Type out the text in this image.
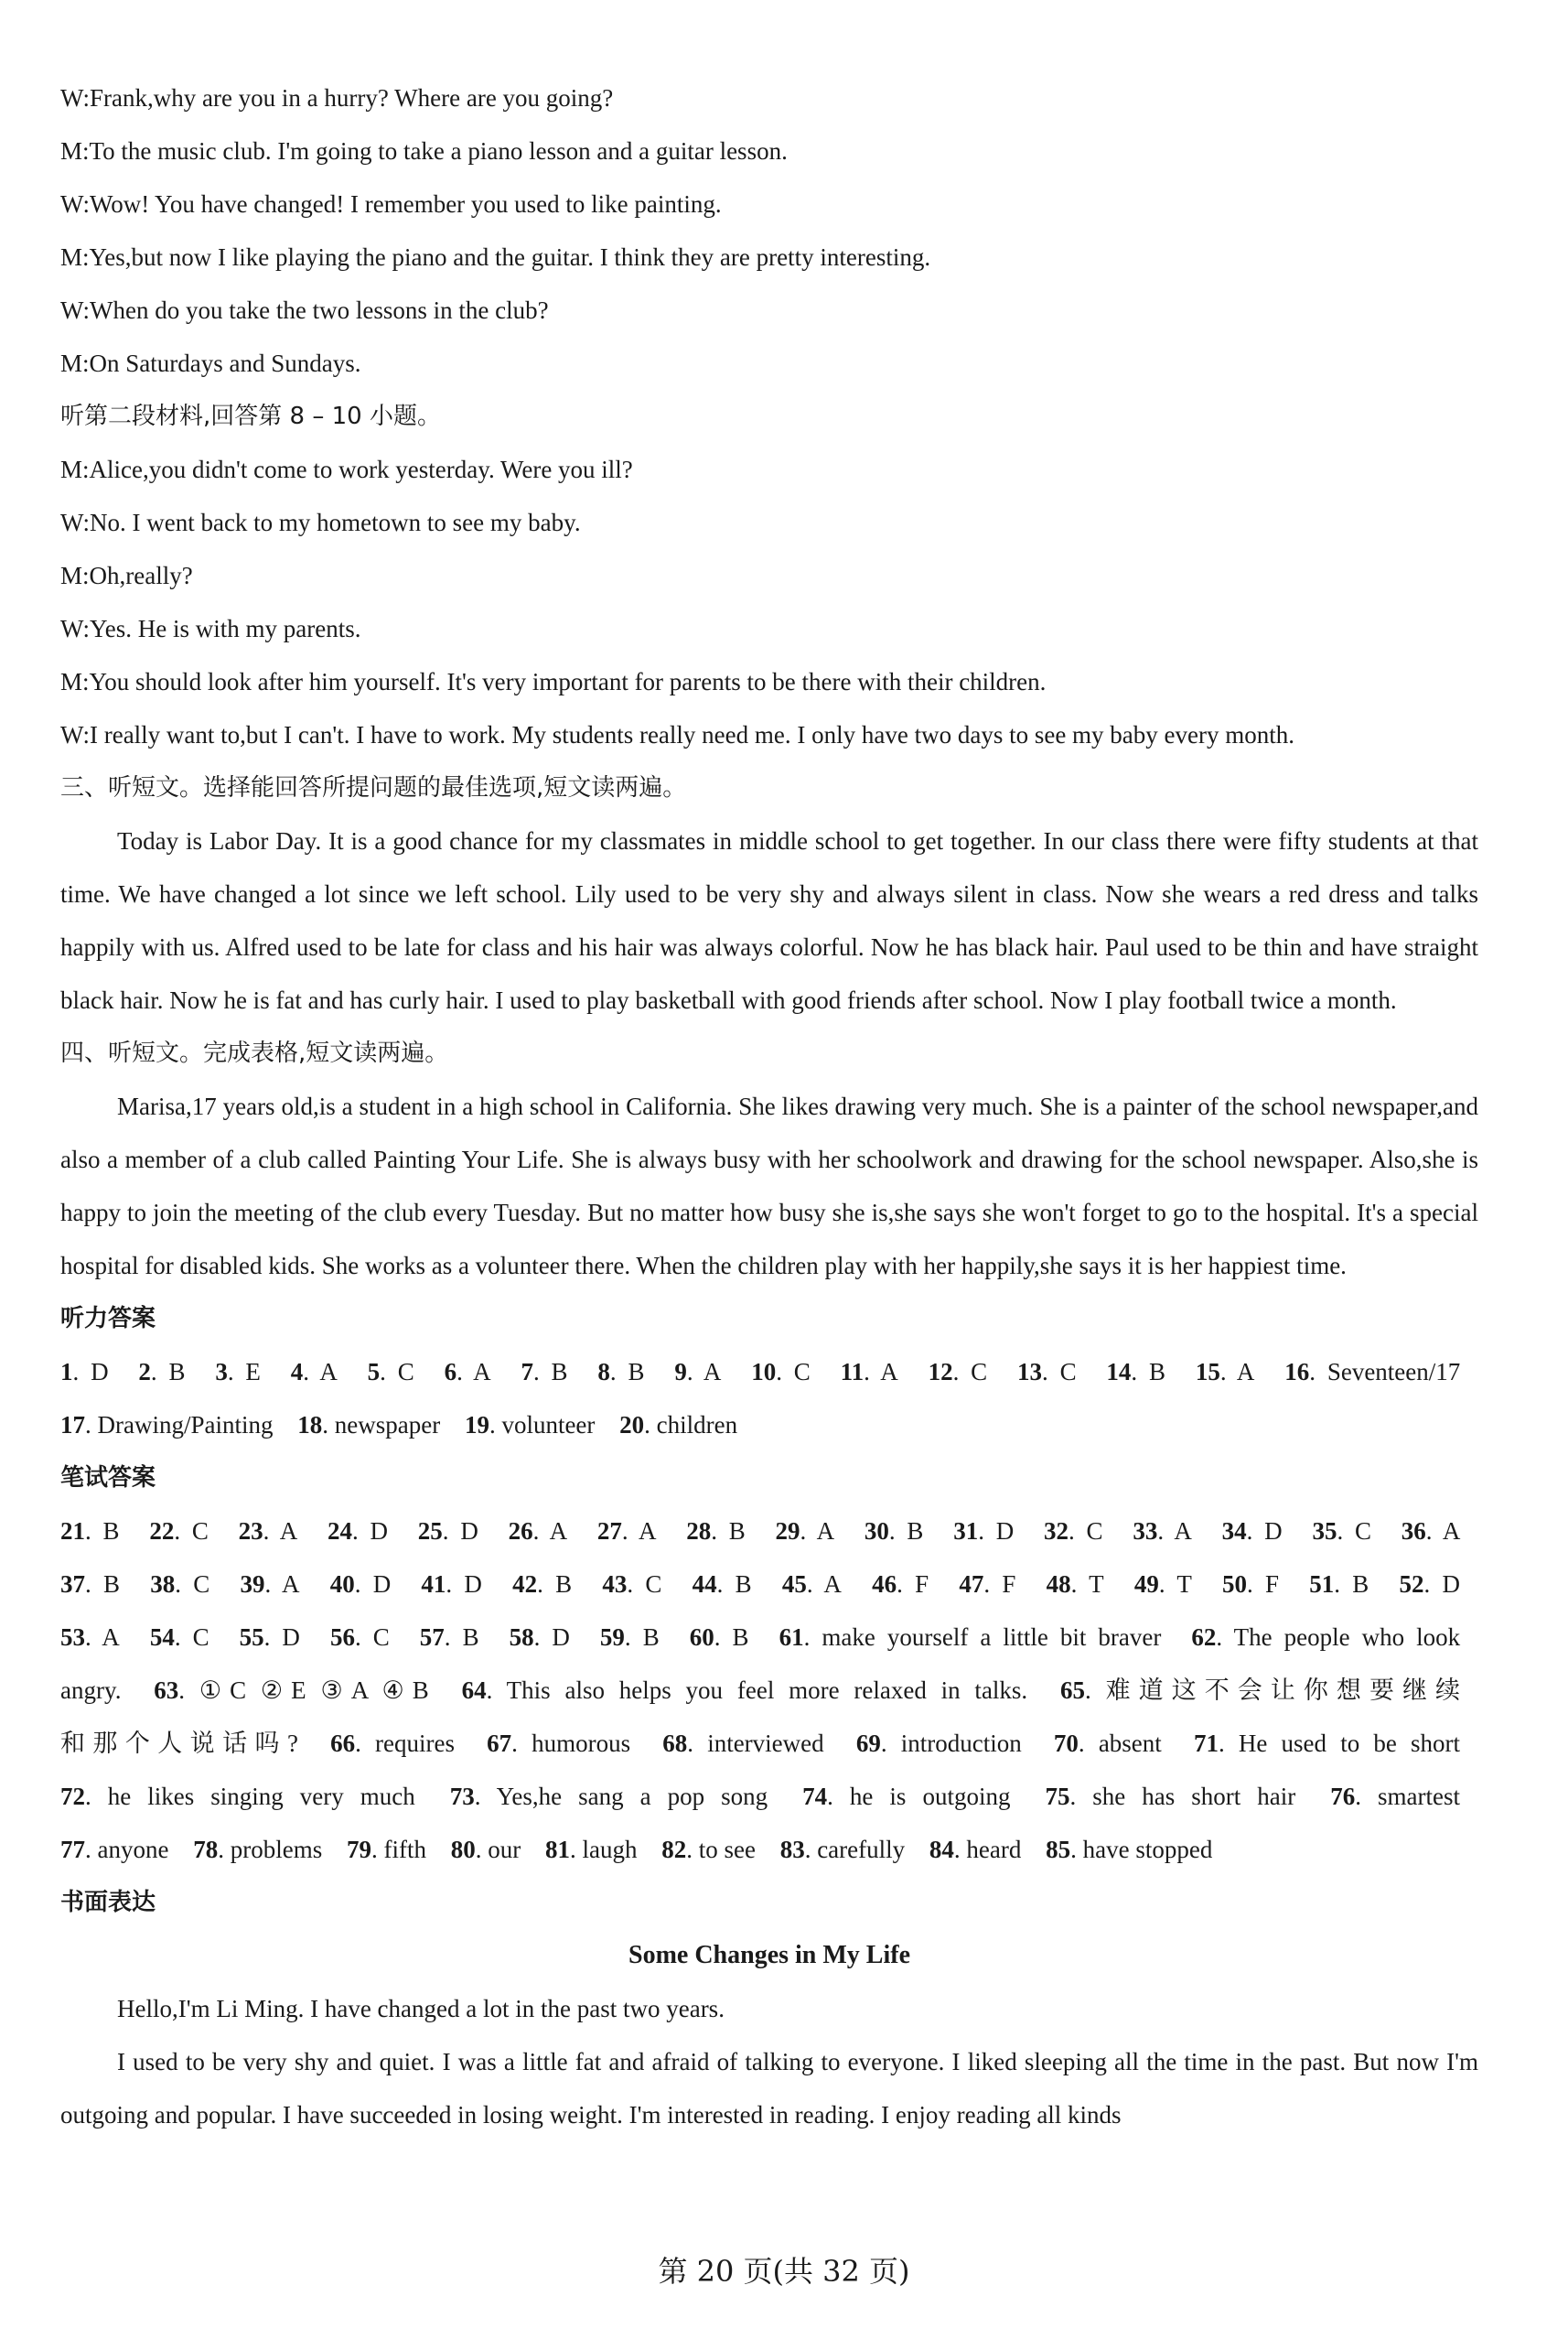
W:Frank,why are you in a hurry? Where are you going?

M:To the music club. I'm going to take a piano lesson and a guitar lesson.

W:Wow! You have changed! I remember you used to like painting.

M:Yes,but now I like playing the piano and the guitar. I think they are pretty interesting.

W:When do you take the two lessons in the club?

M:On Saturdays and Sundays.

听第二段材料,回答第 8 – 10 小题。

M:Alice,you didn't come to work yesterday. Were you ill?

W:No. I went back to my hometown to see my baby.

M:Oh,really?

W:Yes. He is with my parents.

M:You should look after him yourself. It's very important for parents to be there with their children.

W:I really want to,but I can't. I have to work. My students really need me. I only have two days to see my baby every month.

三、听短文。选择能回答所提问题的最佳选项,短文读两遍。

Today is Labor Day. It is a good chance for my classmates in middle school to get together. In our class there were fifty students at that time. We have changed a lot since we left school. Lily used to be very shy and always silent in class. Now she wears a red dress and talks happily with us. Alfred used to be late for class and his hair was always colorful. Now he has black hair. Paul used to be thin and have straight black hair. Now he is fat and has curly hair. I used to play basketball with good friends after school. Now I play football twice a month.

四、听短文。完成表格,短文读两遍。

Marisa,17 years old,is a student in a high school in California. She likes drawing very much. She is a painter of the school newspaper,and also a member of a club called Painting Your Life. She is always busy with her schoolwork and drawing for the school newspaper. Also,she is happy to join the meeting of the club every Tuesday. But no matter how busy she is,she says she won't forget to go to the hospital. It's a special hospital for disabled kids. She works as a volunteer there. When the children play with her happily,she says it is her happiest time.

听力答案

1. D 2. B 3. E 4. A 5. C 6. A 7. B 8. B 9. A 10. C 11. A 12. C 13. C 14. B 15. A 16. Seventeen/17

17. Drawing/Painting 18. newspaper 19. volunteer 20. children

笔试答案

21. B 22. C 23. A 24. D 25. D 26. A 27. A 28. B 29. A 30. B 31. D 32. C 33. A 34. D 35. C 36. A

37. B 38. C 39. A 40. D 41. D 42. B 43. C 44. B 45. A 46. F 47. F 48. T 49. T 50. F 51. B 52. D

53. A 54. C 55. D 56. C 57. B 58. D 59. B 60. B 61. make yourself a little bit braver 62. The people who look

angry. 63. ①C ②E ③A ④B 64. This also helps you feel more relaxed in talks. 65. 难道这不会让你想要继续

和那个人说话吗? 66. requires 67. humorous 68. interviewed 69. introduction 70. absent 71. He used to be short

72. he likes singing very much 73. Yes,he sang a pop song 74. he is outgoing 75. she has short hair 76. smartest

77. anyone 78. problems 79. fifth 80. our 81. laugh 82. to see 83. carefully 84. heard 85. have stopped

书面表达

Some Changes in My Life

Hello,I'm Li Ming. I have changed a lot in the past two years.

I used to be very shy and quiet. I was a little fat and afraid of talking to everyone. I liked sleeping all the time in the past. But now I'm outgoing and popular. I have succeeded in losing weight. I'm interested in reading. I enjoy reading all kinds

第 20 页(共 32 页)
